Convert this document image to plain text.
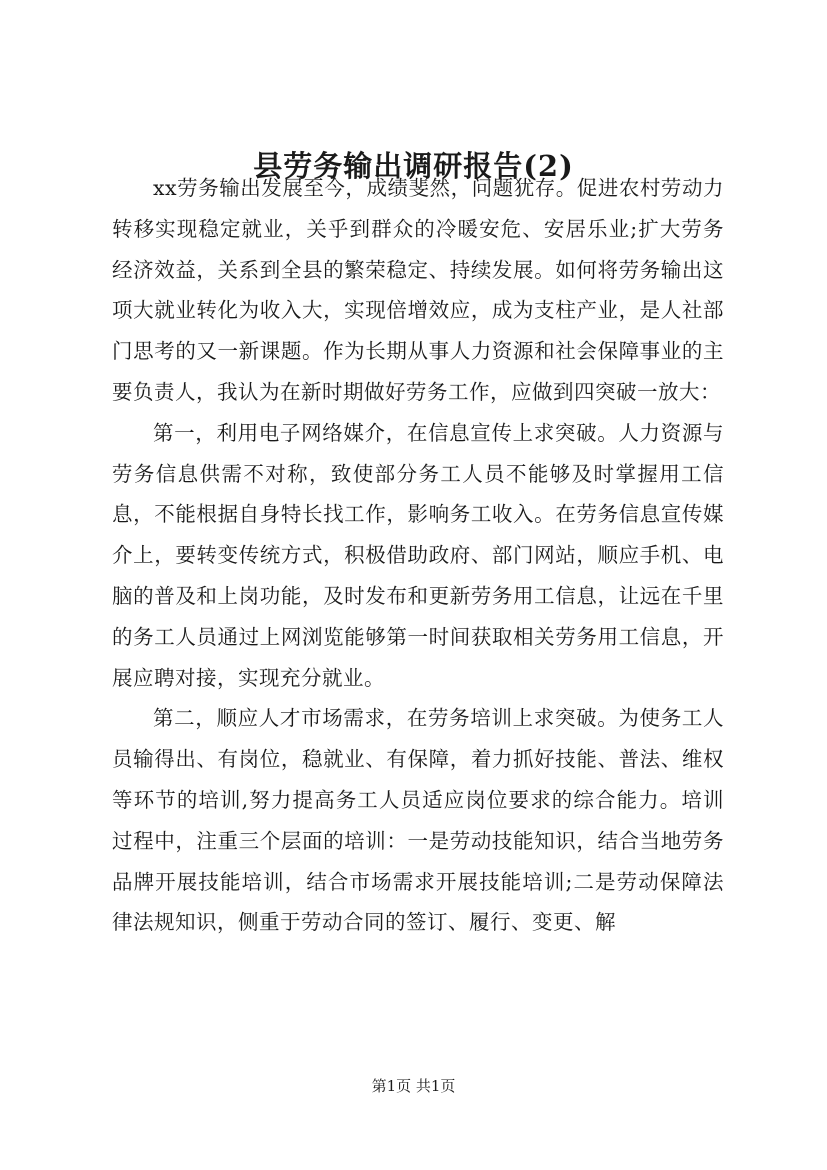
县劳务输出调研报告(2)

xx劳务输出发展至今，成绩斐然，问题犹存。促进农村劳动力转移实现稳定就业，关乎到群众的冷暖安危、安居乐业;扩大劳务经济效益，关系到全县的繁荣稳定、持续发展。如何将劳务输出这项大就业转化为收入大，实现倍增效应，成为支柱产业，是人社部门思考的又一新课题。作为长期从事人力资源和社会保障事业的主要负责人，我认为在新时期做好劳务工作，应做到四突破一放大：

第一，利用电子网络媒介，在信息宣传上求突破。人力资源与劳务信息供需不对称，致使部分务工人员不能够及时掌握用工信息，不能根据自身特长找工作，影响务工收入。在劳务信息宣传媒介上，要转变传统方式，积极借助政府、部门网站，顺应手机、电脑的普及和上岗功能，及时发布和更新劳务用工信息，让远在千里的务工人员通过上网浏览能够第一时间获取相关劳务用工信息，开展应聘对接，实现充分就业。

第二，顺应人才市场需求，在劳务培训上求突破。为使务工人员输得出、有岗位，稳就业、有保障，着力抓好技能、普法、维权等环节的培训,努力提高务工人员适应岗位要求的综合能力。培训过程中，注重三个层面的培训：一是劳动技能知识，结合当地劳务品牌开展技能培训，结合市场需求开展技能培训;二是劳动保障法律法规知识，侧重于劳动合同的签订、履行、变更、解

第1页 共1页
